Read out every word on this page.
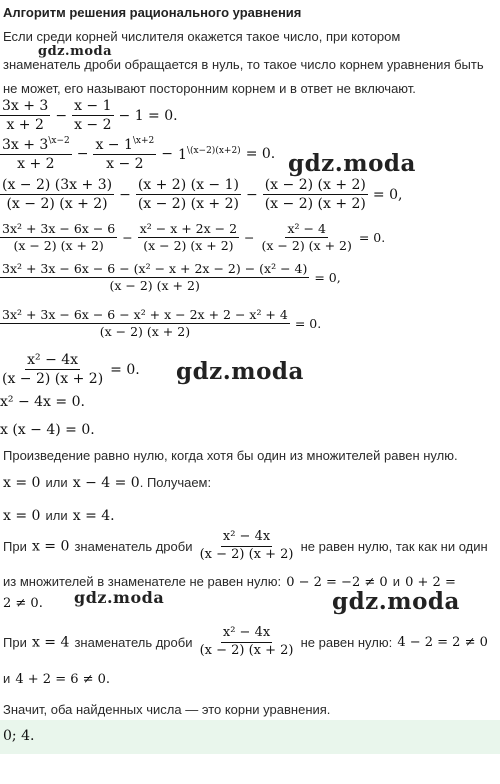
Алгоритм решения рационального уравнения
Если среди корней числителя окажется такое число, при котором
знаменатель дроби обращается в нуль, то такое число корнем уравнения быть
не может, его называют посторонним корнем и в ответ не включают.
gdz.moda
gdz.moda
gdz.moda
gdz.moda	gdz.moda
$\frac{3x + 3}{x + 2} - \frac{x - 1}{x - 2} - 1 = 0$.
$\frac{3x + 3^{\backslash x-2}}{x + 2} - \frac{x - 1^{\backslash x+2}}{x - 2} - 1^{\backslash(x-2)(x+2)} = 0$.
$\frac{(x - 2) (3x + 3)}{(x - 2) (x + 2)} - \frac{(x + 2) (x - 1)}{(x - 2) (x + 2)} - \frac{(x - 2) (x + 2)}{(x - 2) (x + 2)} = 0$,
$\frac{\text{3x² + 3x − 6x − 6}}{(x - 2) (x + 2)} - \frac{\text{x² − x + 2x − 2}}{(x - 2) (x + 2)} - \frac{\text{x² − 4}}{(x - 2) (x + 2)} = 0$.
$\frac{\text{3x² + 3x − 6x − 6 − (x² − x + 2x − 2) − (x² − 4)}}{(x - 2) (x + 2)} = 0$,
$\frac{\text{3x² + 3x − 6x − 6 − x² + x − 2x + 2 − x² + 4}}{(x - 2) (x + 2)} = 0$.
$\frac{\text{x² − 4x}}{(x - 2) (x + 2)} = 0$.
x² − 4x = 0.
x (x − 4) = 0.
Произведение равно нулю, когда хотя бы один из множителей равен нулю.
x = 0 или x − 4 = 0. Получаем:
x = 0 или x = 4.
При x = 0 знаменатель дроби $\frac{\text{x² − 4x}}{(x - 2) (x + 2)}$ не равен нулю, так как ни один
из множителей в знаменателе не равен нулю: 0 − 2 = −2 ≠ 0 и 0 + 2 =
2 ≠ 0.
При x = 4 знаменатель дроби $\frac{\text{x² − 4x}}{(x - 2) (x + 2)}$ не равен нулю: 4 − 2 = 2 ≠ 0
и 4 + 2 = 6 ≠ 0.
Значит, оба найденных числа — это корни уравнения.
0; 4.
